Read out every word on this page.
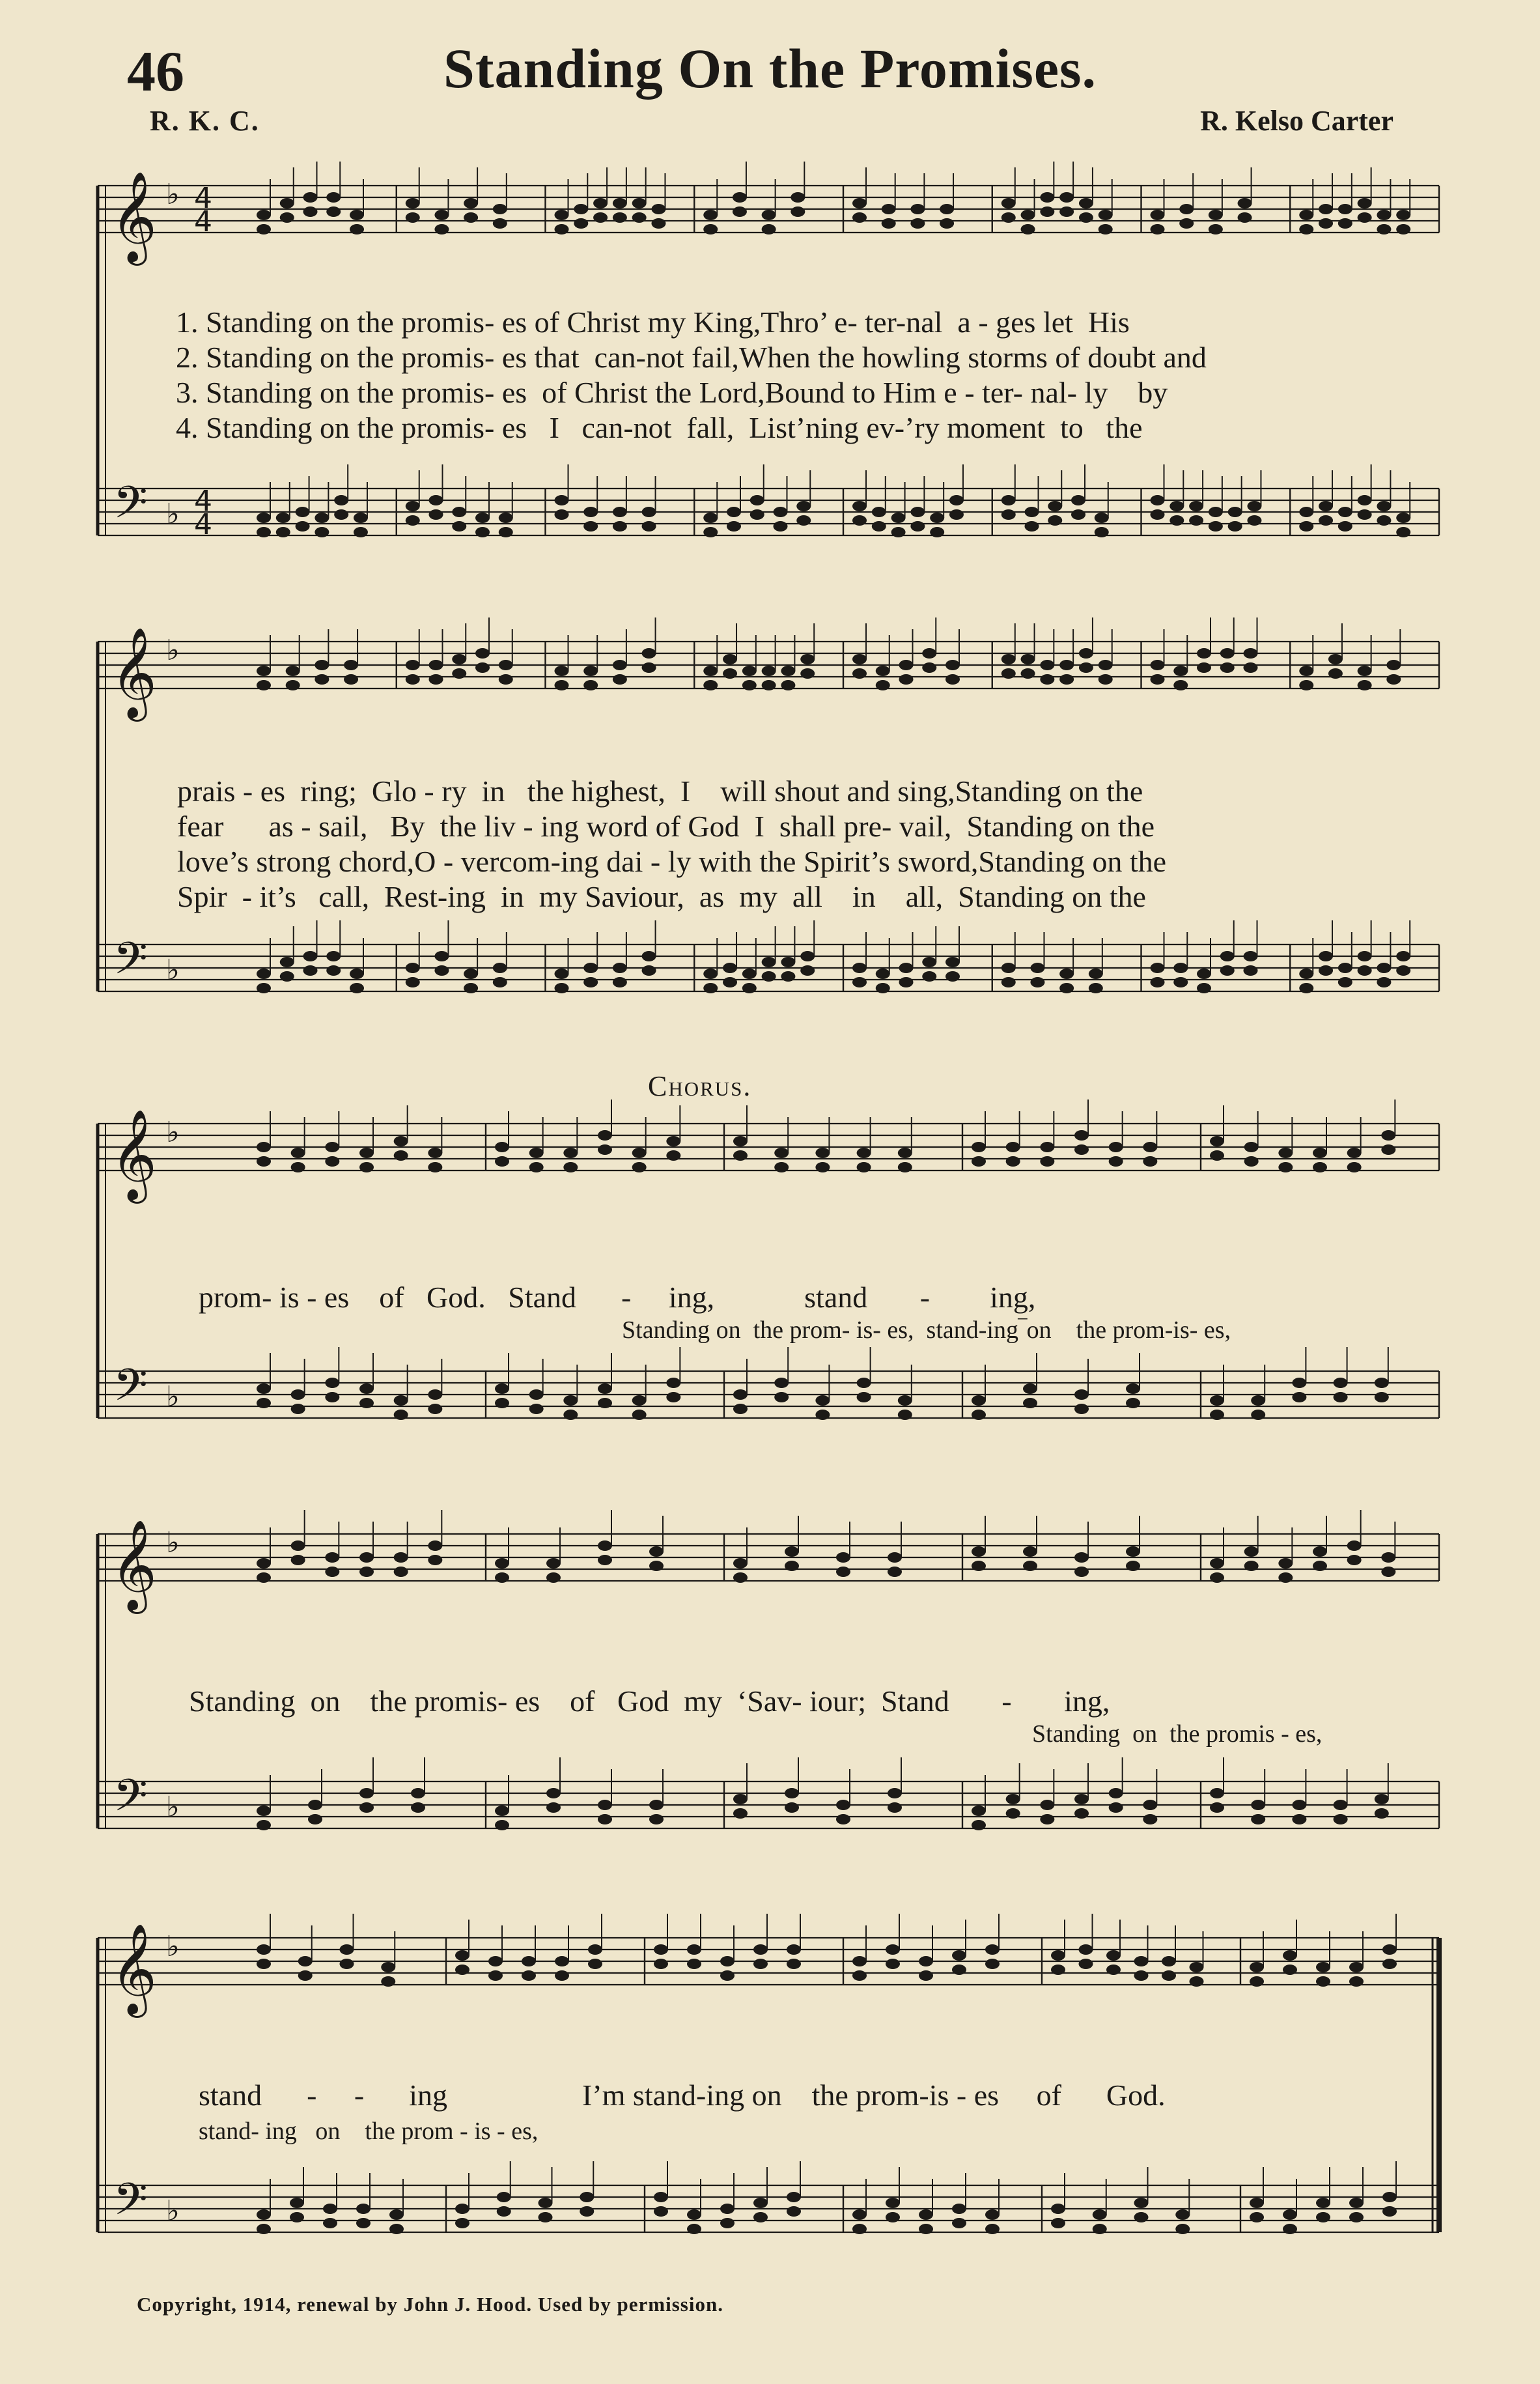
46	Standing On the Promises.
R. K. C.	R. Kelso Carter
𝄞
𝄢
♭
♭
4
4
4
4
1. Standing on the promis- es of Christ my King,Thro’ e- ter-nal  a - ges let  His
2. Standing on the promis- es that  can-not fail,When the howling storms of doubt and
3. Standing on the promis- es  of Christ the Lord,Bound to Him e - ter- nal- ly    by
4. Standing on the promis- es   I   can-not  fall,  List’ning ev-’ry moment  to   the
𝄞
𝄢
♭
♭
prais - es  ring;  Glo - ry  in   the highest,  I    will shout and sing,Standing on the
fear      as - sail,   By  the liv - ing word of God  I  shall pre- vail,  Standing on the
love’s strong chord,O - vercom-ing dai - ly with the Spirit’s sword,Standing on the
Spir  - it’s   call,  Rest-ing  in  my Saviour,  as  my  all    in    all,  Standing on the
Chorus.
𝄞
𝄢
♭
♭
prom- is - es    of   God.   Stand      -     ing,            stand       -        ing,
Standing on  the prom- is- es,  stand-ing‾on    the prom-is- es,
𝄞
𝄢
♭
♭
Standing  on    the promis- es    of   God  my  ‘Sav- iour;  Stand       -       ing,
Standing  on  the promis - es,
𝄞
𝄢
♭
♭
stand      -     -      ing                  I’m stand-ing on    the prom-is - es     of      God.
stand- ing   on    the prom - is - es,
Copyright, 1914, renewal by John J. Hood. Used by permission.
